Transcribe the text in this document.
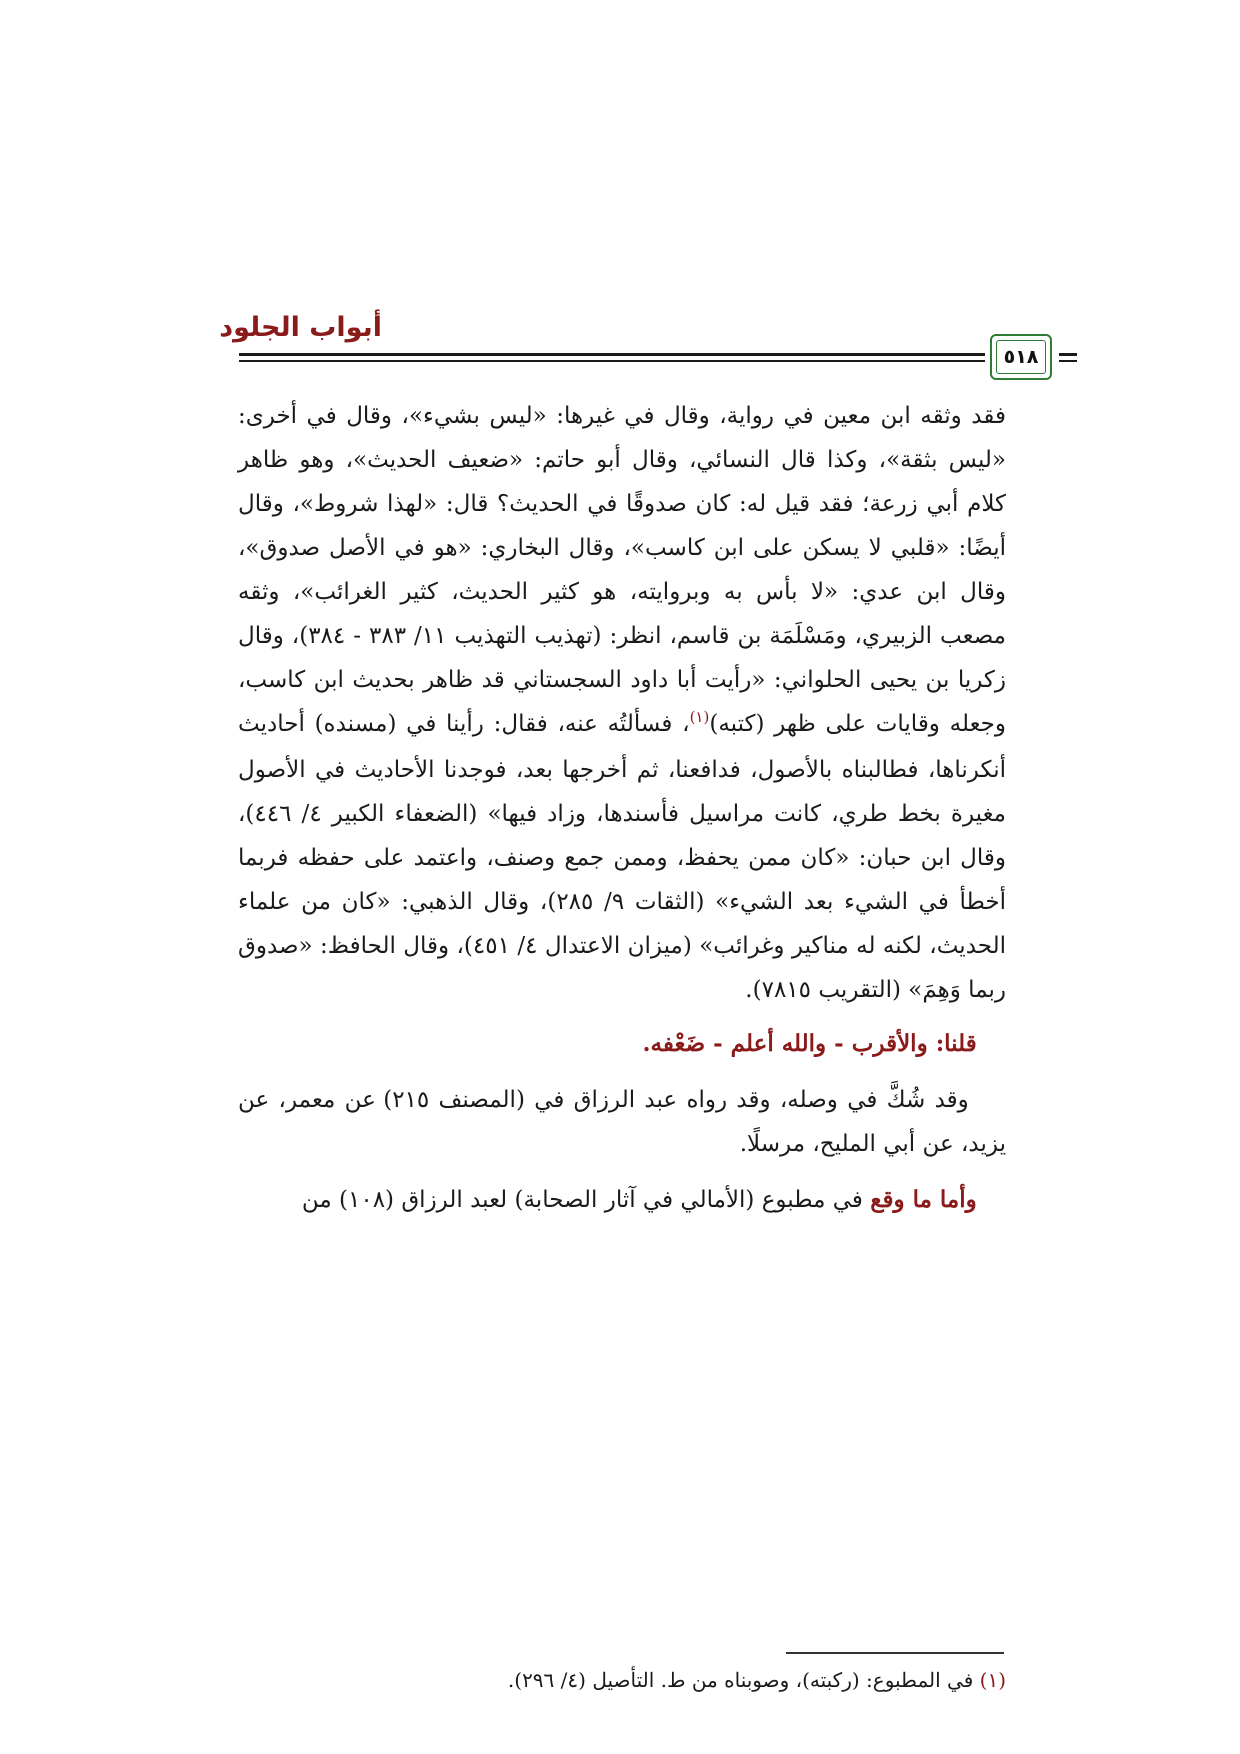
أبواب الجلود
٥١٨

فقد وثقه ابن معين في رواية، وقال في غيرها: «ليس بشيء»، وقال في أخرى: «ليس بثقة»، وكذا قال النسائي، وقال أبو حاتم: «ضعيف الحديث»، وهو ظاهر كلام أبي زرعة؛ فقد قيل له: كان صدوقًا في الحديث؟ قال: «لهذا شروط»، وقال أيضًا: «قلبي لا يسكن على ابن كاسب»، وقال البخاري: «هو في الأصل صدوق»، وقال ابن عدي: «لا بأس به وبروايته، هو كثير الحديث، كثير الغرائب»، وثقه مصعب الزبيري، ومَسْلَمَة بن قاسم، انظر: (تهذيب التهذيب ١١/ ٣٨٣ - ٣٨٤)، وقال زكريا بن يحيى الحلواني: «رأيت أبا داود السجستاني قد ظاهر بحديث ابن كاسب، وجعله وقايات على ظهر (كتبه)$^{(١)}$، فسألتُه عنه، فقال: رأينا في (مسنده) أحاديث أنكرناها، فطالبناه بالأصول، فدافعنا، ثم أخرجها بعد، فوجدنا الأحاديث في الأصول مغيرة بخط طري، كانت مراسيل فأسندها، وزاد فيها» (الضعفاء الكبير ٤/ ٤٤٦)، وقال ابن حبان: «كان ممن يحفظ، وممن جمع وصنف، واعتمد على حفظه فربما أخطأ في الشيء بعد الشيء» (الثقات ٩/ ٢٨٥)، وقال الذهبي: «كان من علماء الحديث، لكنه له مناكير وغرائب» (ميزان الاعتدال ٤/ ٤٥١)، وقال الحافظ: «صدوق ربما وَهِمَ» (التقريب ٧٨١٥).

قلنا: والأقرب - والله أعلم - ضَعْفه.

وقد شُكَّ في وصله، وقد رواه عبد الرزاق في (المصنف ٢١٥) عن معمر، عن يزيد، عن أبي المليح، مرسلًا.

وأما ما وقع في مطبوع (الأمالي في آثار الصحابة) لعبد الرزاق (١٠٨) من

(١) في المطبوع: (ركبته)، وصوبناه من ط. التأصيل (٤/ ٢٩٦).
